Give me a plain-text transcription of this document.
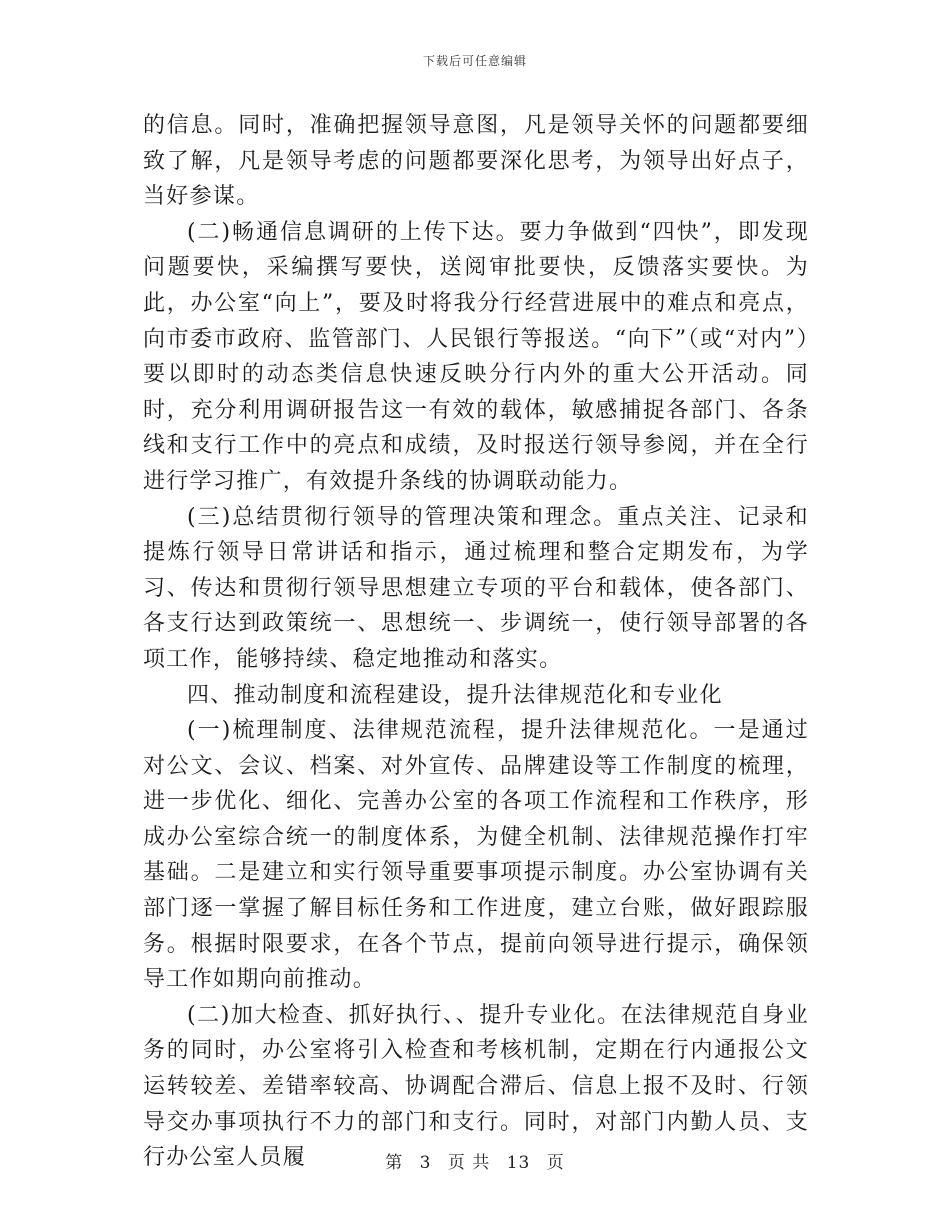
下载后可任意编辑

的信息。同时，准确把握领导意图，凡是领导关怀的问题都要细致了解，凡是领导考虑的问题都要深化思考，为领导出好点子，当好参谋。

(二)畅通信息调研的上传下达。要力争做到“四快”，即发现问题要快，采编撰写要快，送阅审批要快，反馈落实要快。为此，办公室“向上”，要及时将我分行经营进展中的难点和亮点，向市委市政府、监管部门、人民银行等报送。“向下”（或“对内”）要以即时的动态类信息快速反映分行内外的重大公开活动。同时，充分利用调研报告这一有效的载体，敏感捕捉各部门、各条线和支行工作中的亮点和成绩，及时报送行领导参阅，并在全行进行学习推广，有效提升条线的协调联动能力。

(三)总结贯彻行领导的管理决策和理念。重点关注、记录和提炼行领导日常讲话和指示，通过梳理和整合定期发布，为学习、传达和贯彻行领导思想建立专项的平台和载体，使各部门、各支行达到政策统一、思想统一、步调统一，使行领导部署的各项工作，能够持续、稳定地推动和落实。

四、推动制度和流程建设，提升法律规范化和专业化

(一)梳理制度、法律规范流程，提升法律规范化。一是通过对公文、会议、档案、对外宣传、品牌建设等工作制度的梳理，进一步优化、细化、完善办公室的各项工作流程和工作秩序，形成办公室综合统一的制度体系，为健全机制、法律规范操作打牢基础。二是建立和实行领导重要事项提示制度。办公室协调有关部门逐一掌握了解目标任务和工作进度，建立台账，做好跟踪服务。根据时限要求，在各个节点，提前向领导进行提示，确保领导工作如期向前推动。

(二)加大检查、抓好执行、、提升专业化。在法律规范自身业务的同时，办公室将引入检查和考核机制，定期在行内通报公文运转较差、差错率较高、协调配合滞后、信息上报不及时、行领导交办事项执行不力的部门和支行。同时，对部门内勤人员、支行办公室人员履	第 3 页 共 13 页
